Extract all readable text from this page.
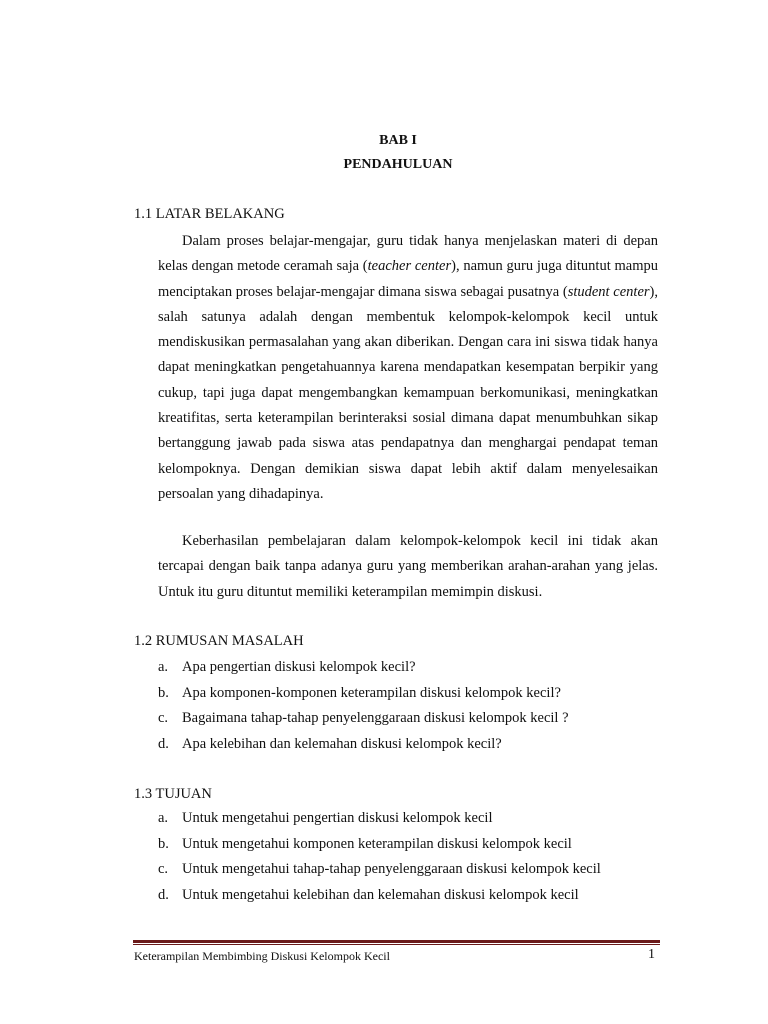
BAB I
PENDAHULUAN
1.1 LATAR BELAKANG
Dalam proses belajar-mengajar, guru tidak hanya menjelaskan materi di depan kelas dengan metode ceramah saja (teacher center), namun guru juga dituntut mampu menciptakan proses belajar-mengajar dimana siswa sebagai pusatnya (student center), salah satunya adalah dengan membentuk kelompok-kelompok kecil untuk mendiskusikan permasalahan yang akan diberikan. Dengan cara ini siswa tidak hanya dapat meningkatkan pengetahuannya karena mendapatkan kesempatan berpikir yang cukup, tapi juga dapat mengembangkan kemampuan berkomunikasi, meningkatkan kreatifitas, serta keterampilan berinteraksi sosial dimana dapat menumbuhkan sikap bertanggung jawab pada siswa atas pendapatnya dan menghargai pendapat teman kelompoknya. Dengan demikian siswa dapat lebih aktif dalam menyelesaikan persoalan yang dihadapinya.
Keberhasilan pembelajaran dalam kelompok-kelompok kecil ini tidak akan tercapai dengan baik tanpa adanya guru yang memberikan arahan-arahan yang jelas. Untuk itu guru dituntut memiliki keterampilan memimpin diskusi.
1.2 RUMUSAN MASALAH
a. Apa pengertian diskusi kelompok kecil?
b. Apa komponen-komponen keterampilan diskusi kelompok kecil?
c. Bagaimana tahap-tahap penyelenggaraan diskusi kelompok kecil ?
d. Apa kelebihan dan kelemahan diskusi kelompok kecil?
1.3 TUJUAN
a. Untuk mengetahui pengertian diskusi kelompok kecil
b. Untuk mengetahui komponen keterampilan diskusi kelompok kecil
c. Untuk mengetahui tahap-tahap penyelenggaraan diskusi kelompok kecil
d. Untuk mengetahui kelebihan dan kelemahan diskusi kelompok kecil
Keterampilan Membimbing Diskusi Kelompok Kecil	1
